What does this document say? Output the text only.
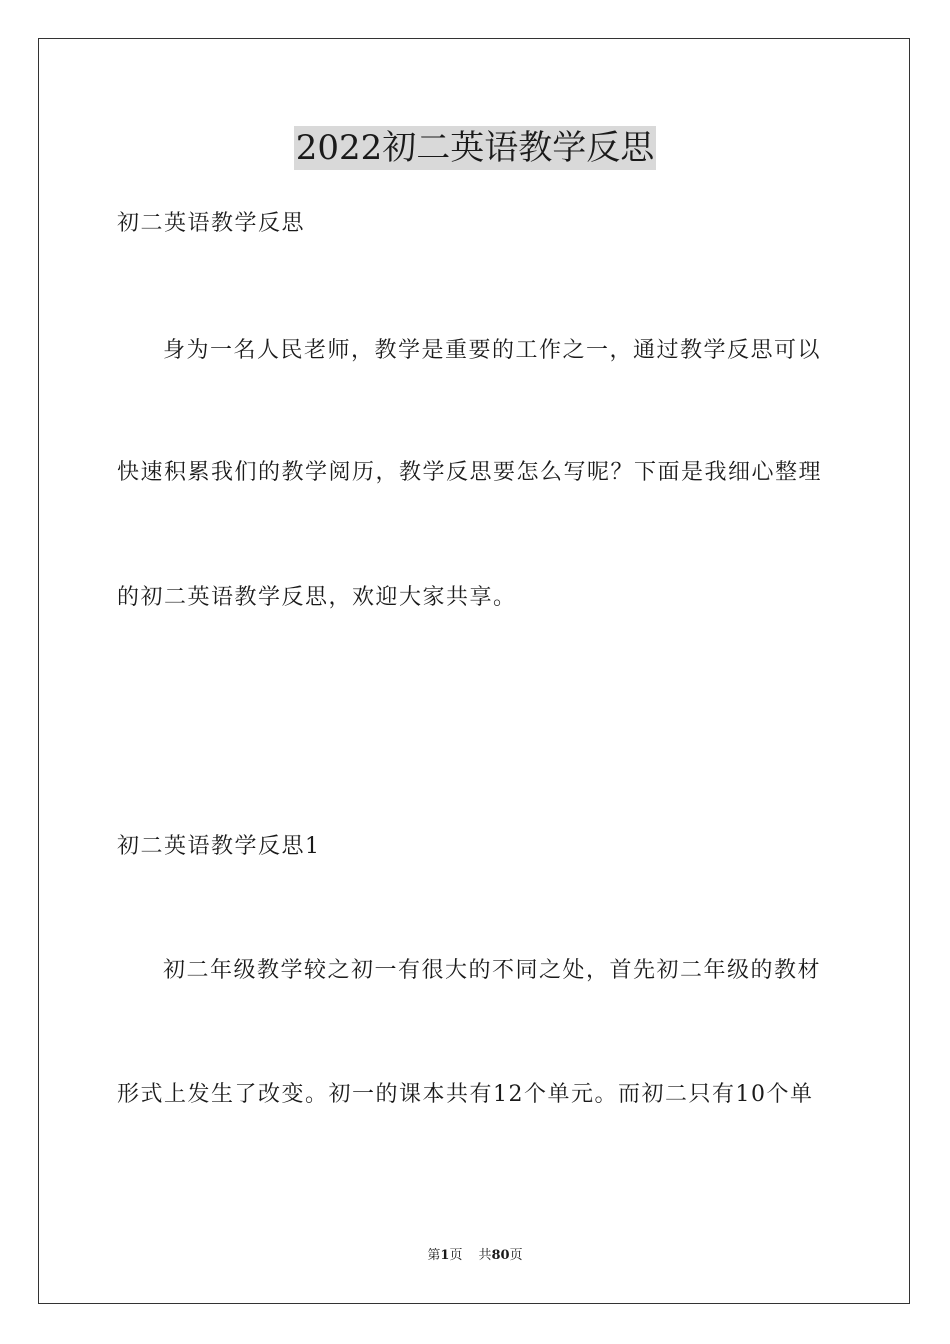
2022初二英语教学反思
初二英语教学反思
身为一名人民老师，教学是重要的工作之一，通过教学反思可以
快速积累我们的教学阅历，教学反思要怎么写呢？下面是我细心整理
的初二英语教学反思，欢迎大家共享。
初二英语教学反思1
初二年级教学较之初一有很大的不同之处，首先初二年级的教材
形式上发生了改变。初一的课本共有12个单元。而初二只有10个单
第1页 共80页
